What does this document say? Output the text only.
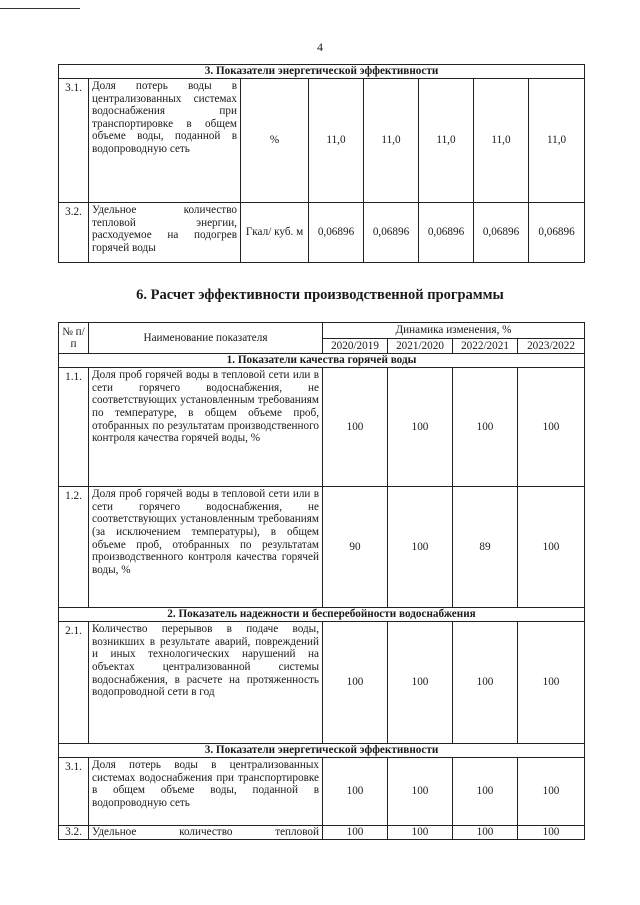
4
3. Показатели энергетической эффективности							
3.1.	Доля потерь воды в централизованных системах водоснабжения при транспортировке в общем объеме воды, поданной в водопроводную сеть	%	11,0	11,0	11,0	11,0	11,0
3.2.	Удельное количество тепловой энергии, расходуемое на подогрев горячей воды	Гкал/ куб. м	0,06896	0,06896	0,06896	0,06896	0,06896
6. Расчет эффективности производственной программы
№ п/п	Наименование показателя	Динамика изменения, %			
		2020/2019	2021/2020	2022/2021	2023/2022
1. Показатели качества горячей воды					
1.1.	Доля проб горячей воды в тепловой сети или в сети горячего водоснабжения, не соответствующих установленным требованиям по температуре, в общем объеме проб, отобранных по результатам производственного контроля качества горячей воды, %	100	100	100	100
1.2.	Доля проб горячей воды в тепловой сети или в сети горячего водоснабжения, не соответствующих установленным требованиям (за исключением температуры), в общем объеме проб, отобранных по результатам производственного контроля качества горячей воды, %	90	100	89	100
2. Показатель надежности и бесперебойности водоснабжения					
2.1.	Количество перерывов в подаче воды, возникших в результате аварий, повреждений и иных технологических нарушений на объектах централизованной системы водоснабжения, в расчете на протяженность водопроводной сети в год	100	100	100	100
3. Показатели энергетической эффективности					
3.1.	Доля потерь воды в централизованных системах водоснабжения при транспортировке в общем объеме воды, поданной в водопроводную сеть	100	100	100	100
3.2.	Удельное количество тепловой	100	100	100	100
